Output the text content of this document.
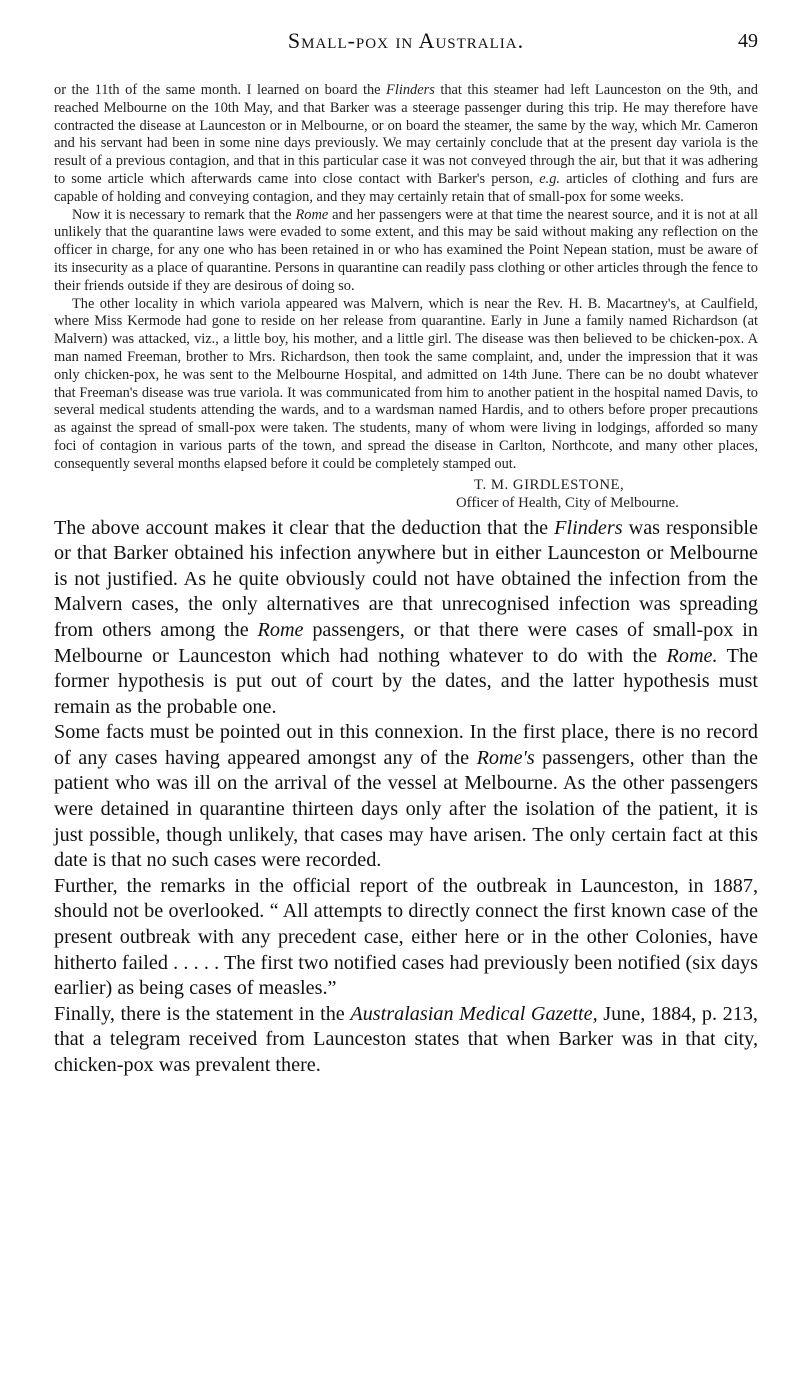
Small-pox in Australia.	49

or the 11th of the same month. I learned on board the Flinders that this steamer had left Launceston on the 9th, and reached Melbourne on the 10th May, and that Barker was a steerage passenger during this trip. He may therefore have contracted the disease at Launceston or in Melbourne, or on board the steamer, the same by the way, which Mr. Cameron and his servant had been in some nine days previously. We may certainly conclude that at the present day variola is the result of a previous contagion, and that in this particular case it was not conveyed through the air, but that it was adhering to some article which afterwards came into close contact with Barker's person, e.g. articles of clothing and furs are capable of holding and conveying contagion, and they may certainly retain that of small-pox for some weeks.

Now it is necessary to remark that the Rome and her passengers were at that time the nearest source, and it is not at all unlikely that the quarantine laws were evaded to some extent, and this may be said without making any reflection on the officer in charge, for any one who has been retained in or who has examined the Point Nepean station, must be aware of its insecurity as a place of quarantine. Persons in quarantine can readily pass clothing or other articles through the fence to their friends outside if they are desirous of doing so.

The other locality in which variola appeared was Malvern, which is near the Rev. H. B. Macartney's, at Caulfield, where Miss Kermode had gone to reside on her release from quarantine. Early in June a family named Richardson (at Malvern) was attacked, viz., a little boy, his mother, and a little girl. The disease was then believed to be chicken-pox. A man named Freeman, brother to Mrs. Richardson, then took the same complaint, and, under the impression that it was only chicken-pox, he was sent to the Melbourne Hospital, and admitted on 14th June. There can be no doubt whatever that Freeman's disease was true variola. It was communicated from him to another patient in the hospital named Davis, to several medical students attending the wards, and to a wardsman named Hardis, and to others before proper precautions as against the spread of small-pox were taken. The students, many of whom were living in lodgings, afforded so many foci of contagion in various parts of the town, and spread the disease in Carlton, Northcote, and many other places, consequently several months elapsed before it could be completely stamped out.

T. M. GIRDLESTONE,
Officer of Health, City of Melbourne.

The above account makes it clear that the deduction that the Flinders was responsible or that Barker obtained his infection anywhere but in either Launceston or Melbourne is not justified. As he quite obviously could not have obtained the infection from the Malvern cases, the only alternatives are that unrecognised infection was spreading from others among the Rome passengers, or that there were cases of small-pox in Melbourne or Launceston which had nothing whatever to do with the Rome. The former hypothesis is put out of court by the dates, and the latter hypothesis must remain as the probable one.

Some facts must be pointed out in this connexion. In the first place, there is no record of any cases having appeared amongst any of the Rome's passengers, other than the patient who was ill on the arrival of the vessel at Melbourne. As the other passengers were detained in quarantine thirteen days only after the isolation of the patient, it is just possible, though unlikely, that cases may have arisen. The only certain fact at this date is that no such cases were recorded.

Further, the remarks in the official report of the outbreak in Launceston, in 1887, should not be overlooked. “ All attempts to directly connect the first known case of the present outbreak with any precedent case, either here or in the other Colonies, have hitherto failed . . . . . The first two notified cases had previously been notified (six days earlier) as being cases of measles.”

Finally, there is the statement in the Australasian Medical Gazette, June, 1884, p. 213, that a telegram received from Launceston states that when Barker was in that city, chicken-pox was prevalent there.
